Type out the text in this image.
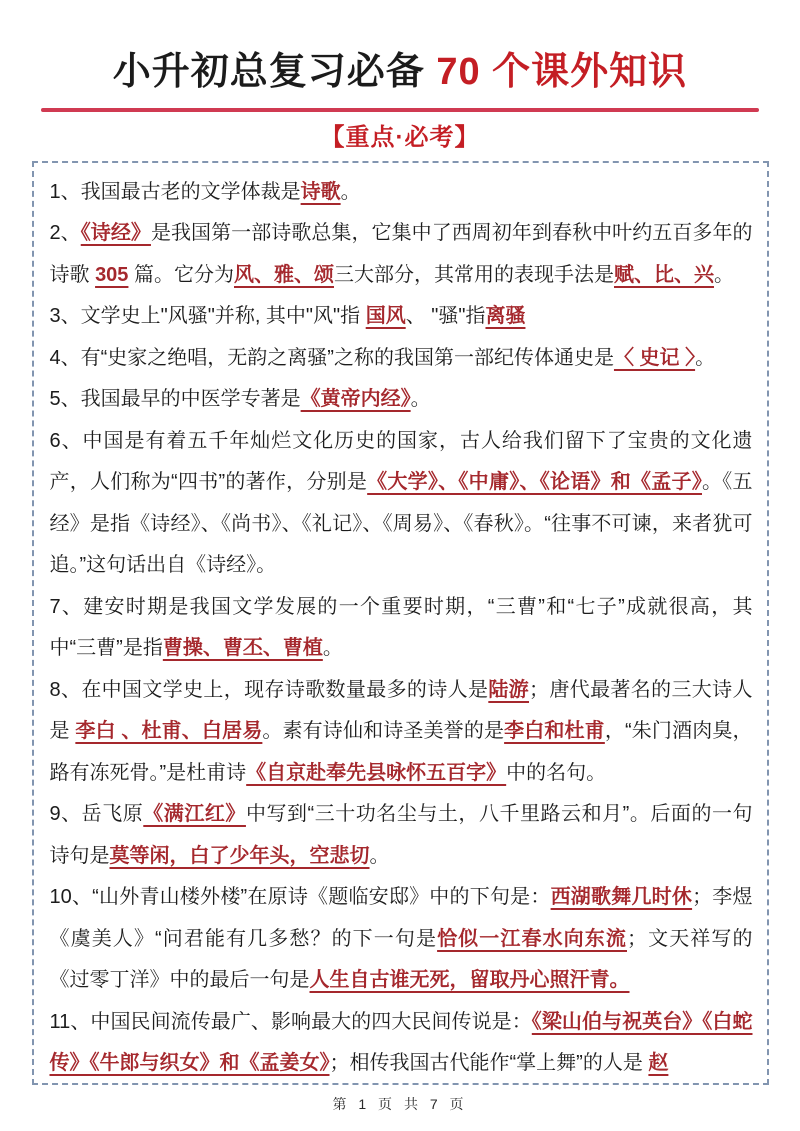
小升初总复习必备 70 个课外知识
【重点·必考】

1、我国最古老的文学体裁是诗歌。

2、《诗经》是我国第一部诗歌总集，它集中了西周初年到春秋中叶约五百多年的诗歌 305 篇。它分为风、雅、颂三大部分，其常用的表现手法是赋、比、兴。

3、文学史上"风骚"并称, 其中"风"指 国风、 "骚"指离骚

4、有“史家之绝唱，无韵之离骚”之称的我国第一部纪传体通史是〈 史记 〉。

5、我国最早的中医学专著是《黄帝内经》。

6、中国是有着五千年灿烂文化历史的国家，古人给我们留下了宝贵的文化遗产，人们称为“四书”的著作，分别是《大学》、《中庸》、《论语》和《孟子》。《五经》是指《诗经》、《尚书》、《礼记》、《周易》、《春秋》。“往事不可谏，来者犹可追。”这句话出自《诗经》。

7、建安时期是我国文学发展的一个重要时期，“三曹”和“七子”成就很高，其中“三曹”是指曹操、曹丕、曹植。

8、在中国文学史上，现存诗歌数量最多的诗人是陆游；唐代最著名的三大诗人是 李白 、杜甫、白居易。素有诗仙和诗圣美誉的是李白和杜甫，“朱门酒肉臭，路有冻死骨。”是杜甫诗《自京赴奉先县咏怀五百字》中的名句。

9、岳飞原《满江红》中写到“三十功名尘与土，八千里路云和月”。后面的一句诗句是莫等闲，白了少年头，空悲切。

10、“山外青山楼外楼”在原诗《题临安邸》中的下句是：西湖歌舞几时休；李煜《虞美人》“问君能有几多愁？的下一句是恰似一江春水向东流；文天祥写的《过零丁洋》中的最后一句是人生自古谁无死，留取丹心照汗青。

11、中国民间流传最广、影响最大的四大民间传说是：《梁山伯与祝英台》《白蛇传》《牛郎与织女》和《孟姜女》；相传我国古代能作“掌上舞”的人是 赵

第 1 页 共 7 页
